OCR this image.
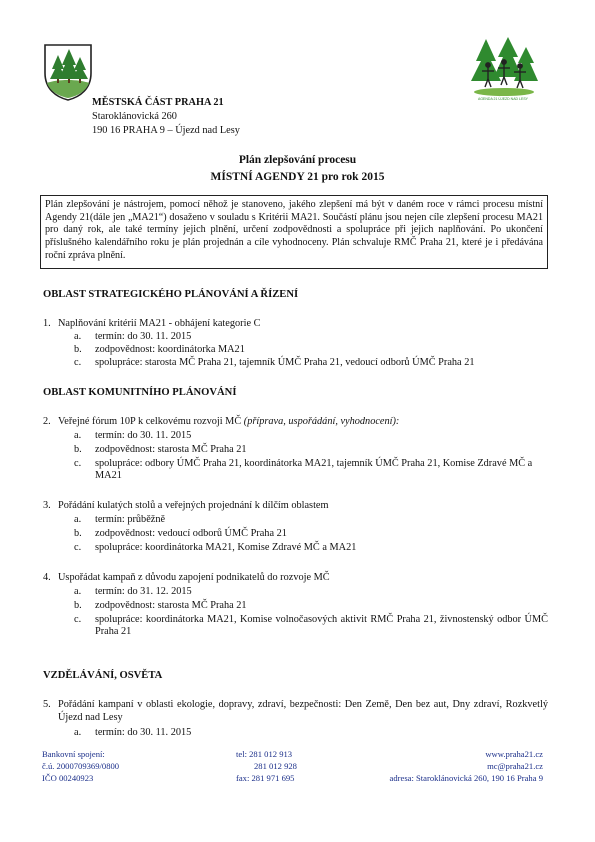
AGENDA 21 ÚJEZD NAD LESY
MĚSTSKÁ ČÁST PRAHA 21
Staroklánovická 260
190 16 PRAHA 9 – Újezd nad Lesy
Plán zlepšování procesu
MÍSTNÍ AGENDY 21 pro rok 2015
Plán zlepšování je nástrojem, pomocí něhož je stanoveno, jakého zlepšení má být v daném roce v rámci procesu místní Agendy 21(dále jen „MA21“) dosaženo v souladu s Kritérii MA21. Součástí plánu jsou nejen cíle zlepšení procesu MA21 pro daný rok, ale také termíny jejich plnění, určení zodpovědnosti a spolupráce při jejich naplňování. Po ukončení příslušného kalendářního roku je plán projednán a cíle vyhodnoceny. Plán schvaluje RMČ Praha 21, které je i předávána roční zpráva plnění.
OBLAST STRATEGICKÉHO PLÁNOVÁNÍ A ŘÍZENÍ
1. Naplňování kritérií MA21 - obhájení kategorie C
a. termín: do 30. 11. 2015
b. zodpovědnost: koordinátorka MA21
c. spolupráce: starosta MČ Praha 21, tajemník ÚMČ Praha 21, vedoucí odborů ÚMČ Praha 21
OBLAST KOMUNITNÍHO PLÁNOVÁNÍ
2. Veřejné fórum 10P k celkovému rozvoji MČ (příprava, uspořádání, vyhodnocení):
a. termín: do 30. 11. 2015
b. zodpovědnost: starosta MČ Praha 21
c. spolupráce: odbory ÚMČ Praha 21, koordinátorka MA21, tajemník ÚMČ Praha 21, Komise Zdravé MČ a MA21
3. Pořádání kulatých stolů a veřejných projednání k dílčím oblastem
a. termín: průběžně
b. zodpovědnost: vedoucí odborů ÚMČ Praha 21
c. spolupráce: koordinátorka MA21, Komise Zdravé MČ a MA21
4. Uspořádat kampaň z důvodu zapojení podnikatelů do rozvoje MČ
a. termín: do 31. 12. 2015
b. zodpovědnost: starosta MČ Praha 21
c. spolupráce: koordinátorka MA21, Komise volnočasových aktivit RMČ Praha 21, živnostenský odbor ÚMČ Praha 21
VZDĚLÁVÁNÍ, OSVĚTA
5. Pořádání kampaní v oblasti ekologie, dopravy, zdraví, bezpečnosti: Den Země, Den bez aut, Dny zdraví, Rozkvetlý Újezd nad Lesy
a. termín: do 30. 11. 2015
Bankovní spojení:
č.ú. 2000709369/0800
IČO 00240923
tel: 281 012 913
281 012 928
fax: 281 971 695
www.praha21.cz
mc@praha21.cz
adresa: Staroklánovická 260, 190 16 Praha 9
